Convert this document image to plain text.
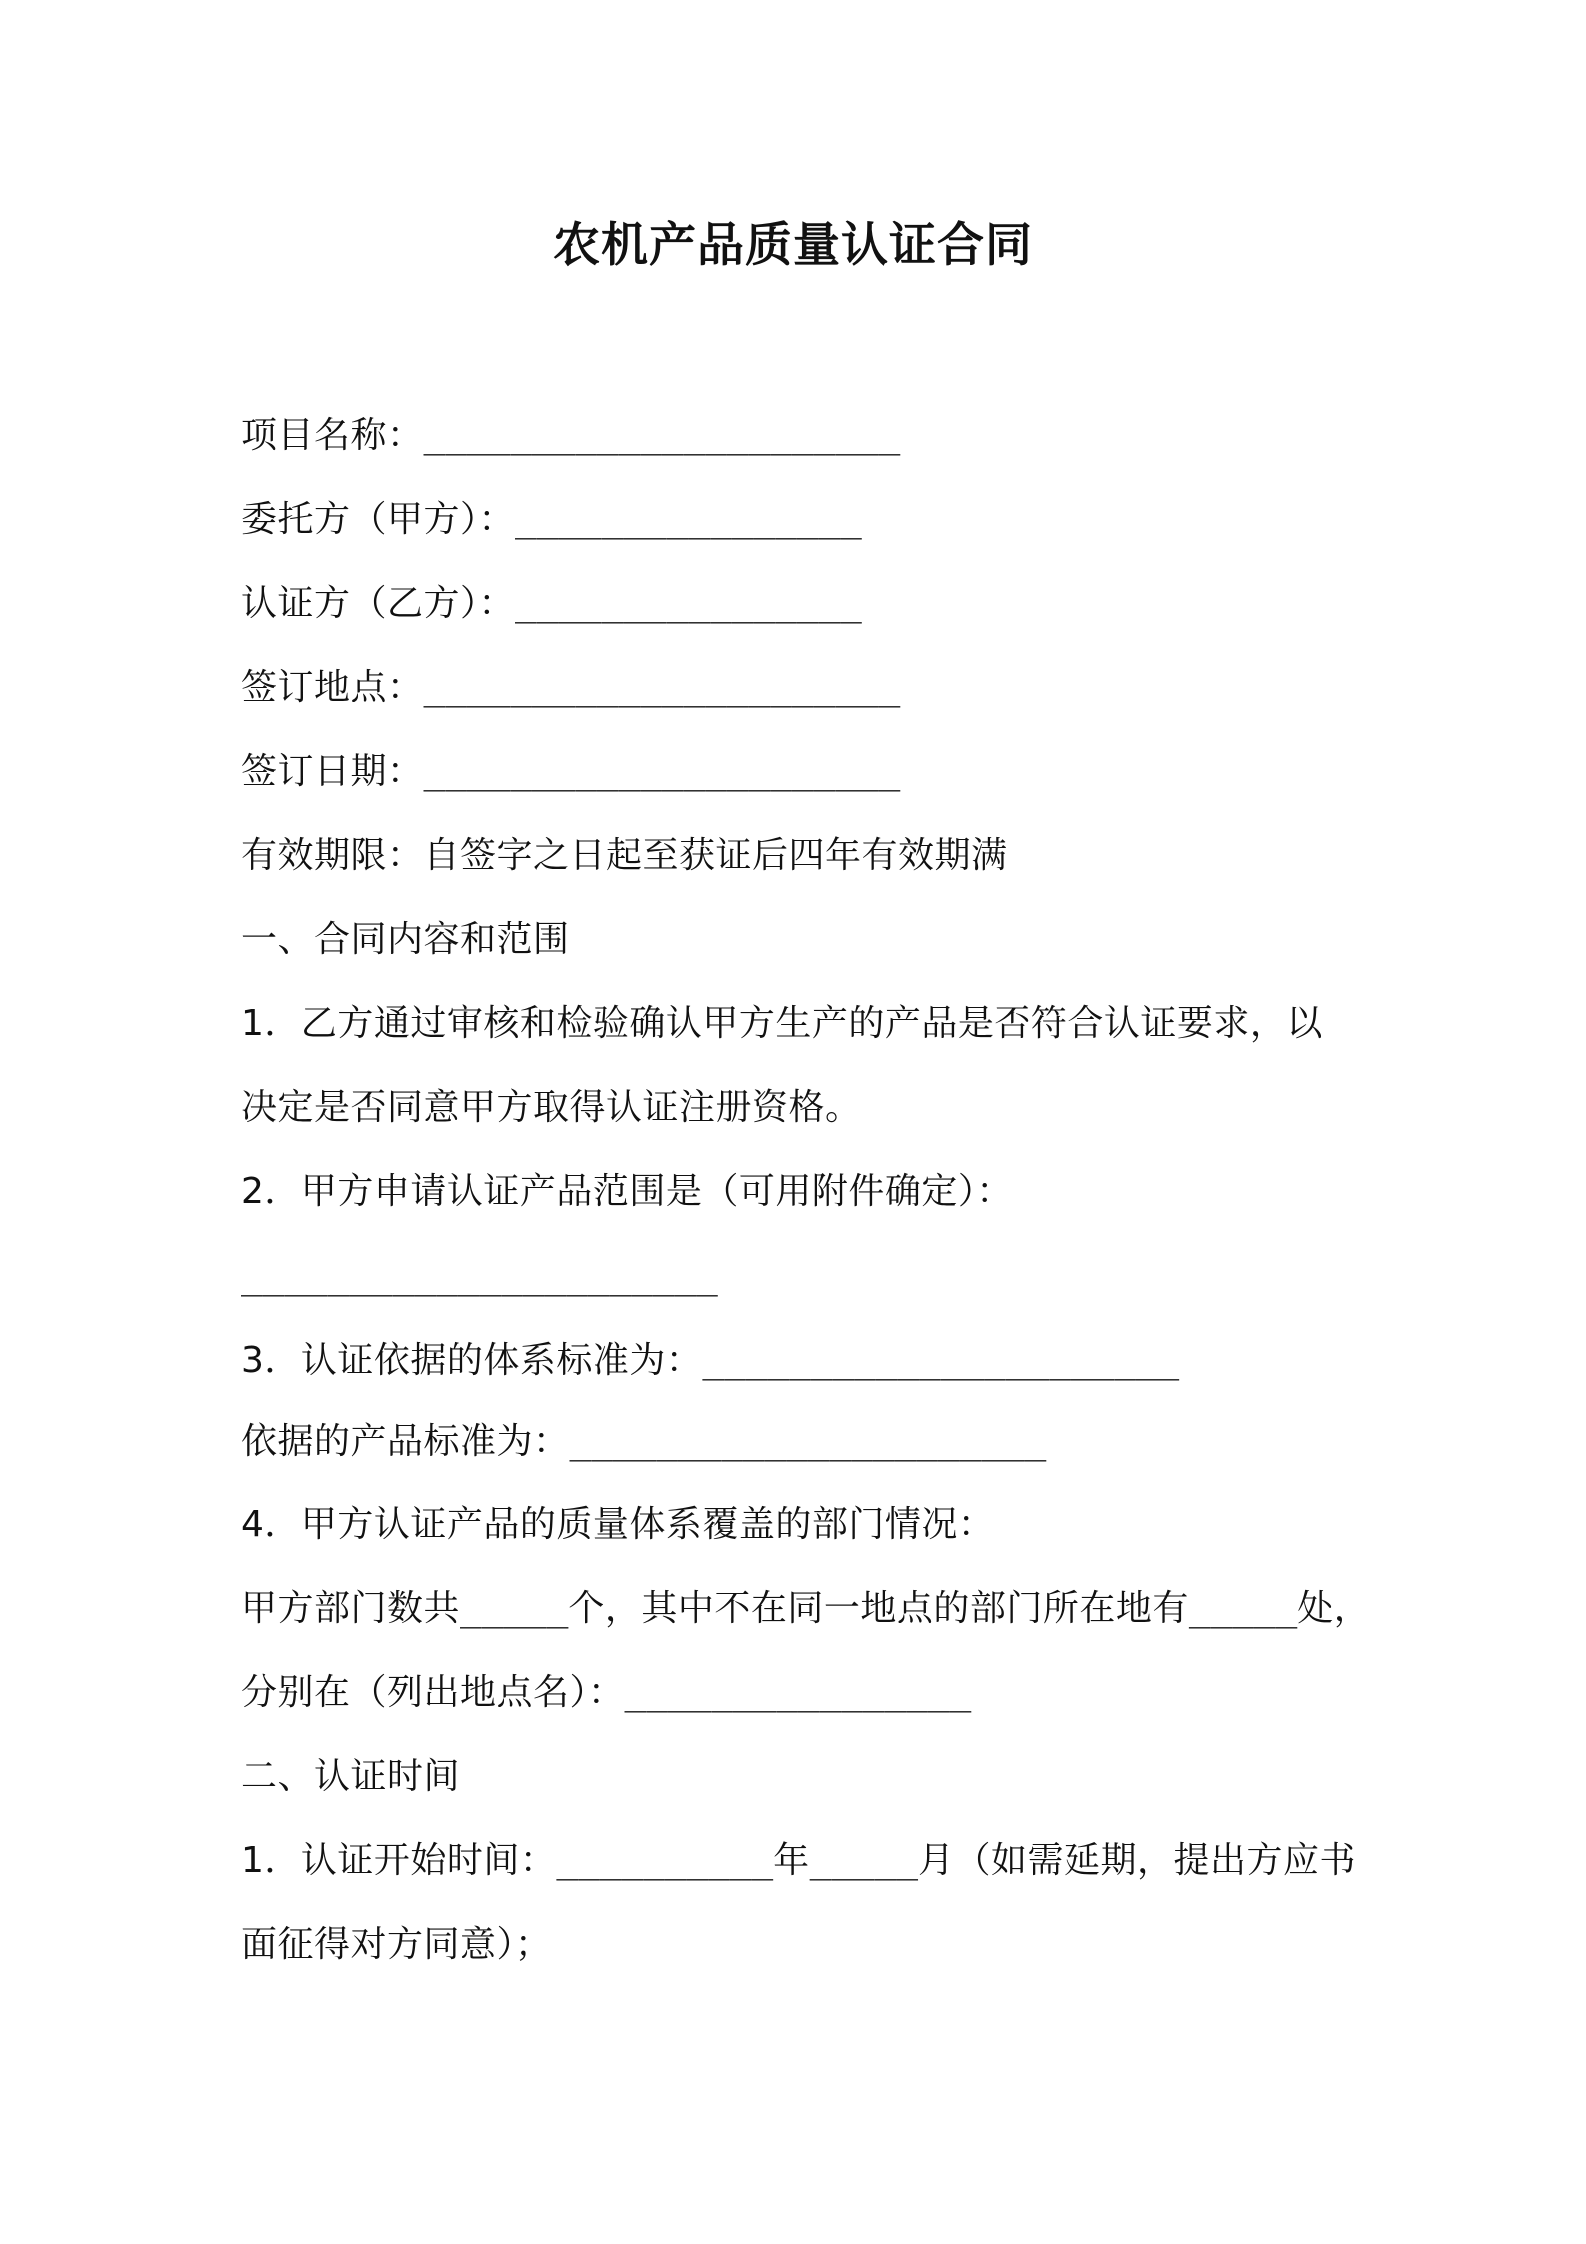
农机产品质量认证合同
项目名称：______________________
委托方（甲方）：________________
认证方（乙方）：________________
签订地点：______________________
签订日期：______________________
有效期限：自签字之日起至获证后四年有效期满
一、合同内容和范围
1．乙方通过审核和检验确认甲方生产的产品是否符合认证要求，以
决定是否同意甲方取得认证注册资格。
2．甲方申请认证产品范围是（可用附件确定）：
______________________
3．认证依据的体系标准为：______________________
依据的产品标准为：______________________
4．甲方认证产品的质量体系覆盖的部门情况：
甲方部门数共_____个，其中不在同一地点的部门所在地有_____处，
分别在（列出地点名）：________________
二、认证时间
1．认证开始时间：__________年_____月（如需延期，提出方应书
面征得对方同意）；
